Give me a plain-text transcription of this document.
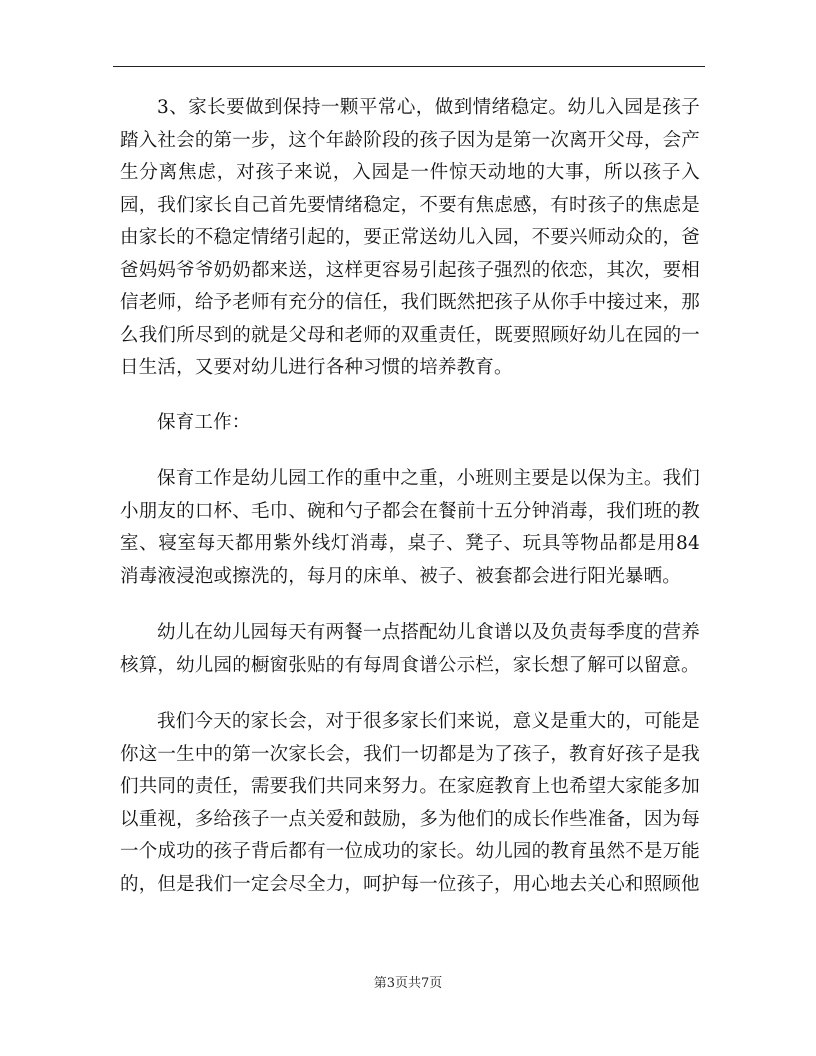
3、家长要做到保持一颗平常心，做到情绪稳定。幼儿入园是孩子踏入社会的第一步，这个年龄阶段的孩子因为是第一次离开父母，会产生分离焦虑，对孩子来说，入园是一件惊天动地的大事，所以孩子入园，我们家长自己首先要情绪稳定，不要有焦虑感，有时孩子的焦虑是由家长的不稳定情绪引起的，要正常送幼儿入园，不要兴师动众的，爸爸妈妈爷爷奶奶都来送，这样更容易引起孩子强烈的依恋，其次，要相信老师，给予老师有充分的信任，我们既然把孩子从你手中接过来，那么我们所尽到的就是父母和老师的双重责任，既要照顾好幼儿在园的一日生活，又要对幼儿进行各种习惯的培养教育。

保育工作：

保育工作是幼儿园工作的重中之重，小班则主要是以保为主。我们小朋友的口杯、毛巾、碗和勺子都会在餐前十五分钟消毒，我们班的教室、寝室每天都用紫外线灯消毒，桌子、凳子、玩具等物品都是用84消毒液浸泡或擦洗的，每月的床单、被子、被套都会进行阳光暴晒。

幼儿在幼儿园每天有两餐一点搭配幼儿食谱以及负责每季度的营养核算，幼儿园的橱窗张贴的有每周食谱公示栏，家长想了解可以留意。

我们今天的家长会，对于很多家长们来说，意义是重大的，可能是你这一生中的第一次家长会，我们一切都是为了孩子，教育好孩子是我们共同的责任，需要我们共同来努力。在家庭教育上也希望大家能多加以重视，多给孩子一点关爱和鼓励，多为他们的成长作些准备，因为每一个成功的孩子背后都有一位成功的家长。幼儿园的教育虽然不是万能的，但是我们一定会尽全力，呵护每一位孩子，用心地去关心和照顾他

第3页共7页
